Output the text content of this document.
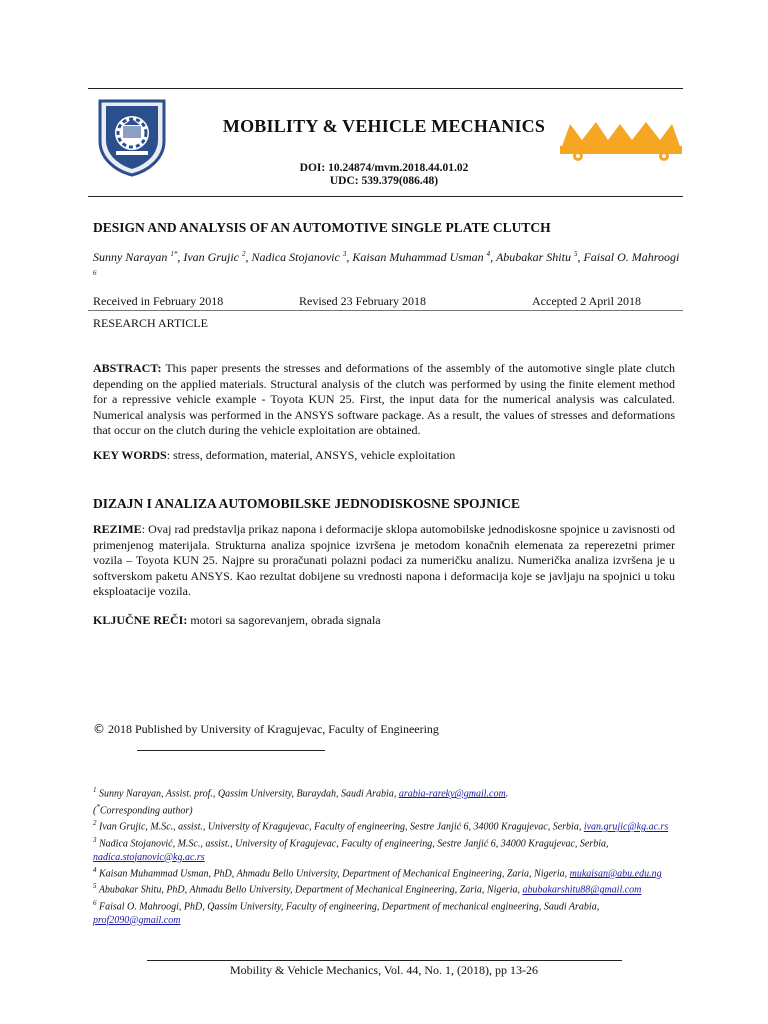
MOBILITY & VEHICLE MECHANICS
DOI: 10.24874/mvm.2018.44.01.02
UDC: 539.379(086.48)
DESIGN AND ANALYSIS OF AN AUTOMOTIVE SINGLE PLATE CLUTCH
Sunny Narayan $^{1*}$, Ivan Grujic $^2$, Nadica Stojanovic $^3$, Kaisan Muhammad Usman $^4$, Abubakar Shitu $^5$, Faisal O. Mahroogi $^6$
Received in February 2018	Revised 23 February 2018	Accepted 2 April 2018
RESEARCH ARTICLE
ABSTRACT: This paper presents the stresses and deformations of the assembly of the automotive single plate clutch depending on the applied materials. Structural analysis of the clutch was performed by using the finite element method for a repressive vehicle example - Toyota KUN 25. First, the input data for the numerical analysis was calculated. Numerical analysis was performed in the ANSYS software package. As a result, the values of stresses and deformations that occur on the clutch during the vehicle exploitation are obtained.
KEY WORDS: stress, deformation, material, ANSYS, vehicle exploitation
DIZAJN I ANALIZA AUTOMOBILSKE JEDNODISKOSNE SPOJNICE
REZIME: Ovaj rad predstavlja prikaz napona i deformacije sklopa automobilske jednodiskosne spojnice u zavisnosti od primenjenog materijala. Strukturna analiza spojnice izvršena je metodom konačnih elemenata za reperezetni primer vozila – Toyota KUN 25. Najpre su proračunati polazni podaci za numeričku analizu. Numerička analiza izvršena je u softverskom paketu ANSYS. Kao rezultat dobijene su vrednosti napona i deformacija koje se javljaju na spojnici u toku eksploatacije vozila.
KLJUČNE REČI: motori sa sagorevanjem, obrada signala
© 2018 Published by University of Kragujevac, Faculty of Engineering
$^1$ Sunny Narayan, Assist. prof., Qassim University, Buraydah, Saudi Arabia, arabia-rareky@gmail.com.
(*Corresponding author)
$^2$ Ivan Grujic, M.Sc., assist., University of Kragujevac, Faculty of engineering, Sestre Janjić 6, 34000 Kragujevac, Serbia, ivan.grujic@kg.ac.rs
$^3$ Nadica Stojanović, M.Sc., assist., University of Kragujevac, Faculty of engineering, Sestre Janjić 6, 34000 Kragujevac, Serbia, nadica.stojanovic@kg.ac.rs
$^4$ Kaisan Muhammad Usman, PhD, Ahmadu Bello University, Department of Mechanical Engineering, Zaria, Nigeria, mukaisan@abu.edu.ng
$^5$ Abubakar Shitu, PhD, Ahmadu Bello University, Department of Mechanical Engineering, Zaria, Nigeria, abubakarshitu88@gmail.com
$^6$ Faisal O. Mahroogi, PhD, Qassim University, Faculty of engineering, Department of mechanical engineering, Saudi Arabia, prof2090@gmail.com
Mobility & Vehicle Mechanics, Vol. 44, No. 1, (2018), pp 13-26
